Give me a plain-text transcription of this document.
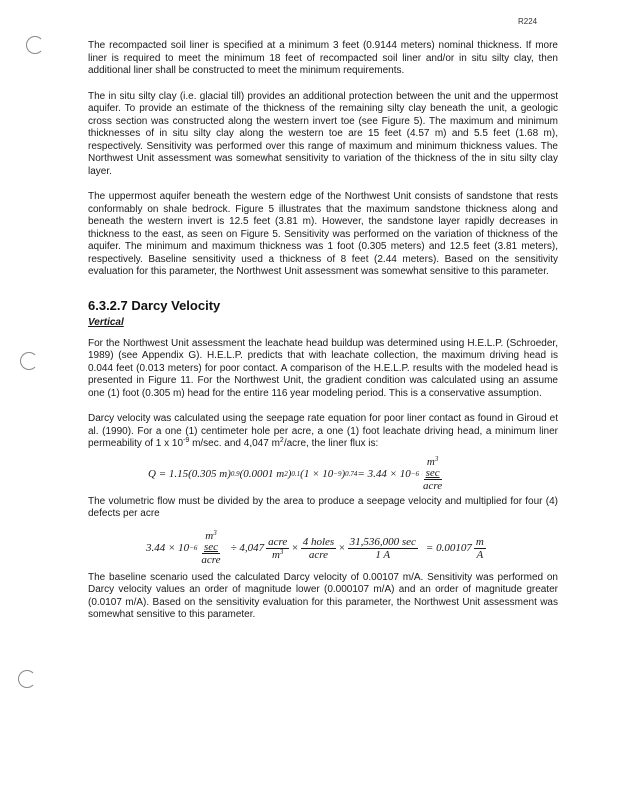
R224

The recompacted soil liner is specified at a minimum 3 feet (0.9144 meters) nominal thickness. If more liner is required to meet the minimum 18 feet of recompacted soil liner and/or in situ silty clay, then additional liner shall be constructed to meet the minimum requirements.

The in situ silty clay (i.e. glacial till) provides an additional protection between the unit and the uppermost aquifer. To provide an estimate of the thickness of the remaining silty clay beneath the unit, a geologic cross section was constructed along the western invert toe (see Figure 5). The maximum and minimum thicknesses of in situ silty clay along the western toe are 15 feet (4.57 m) and 5.5 feet (1.68 m), respectively. Sensitivity was performed over this range of maximum and minimum thickness values. The Northwest Unit assessment was somewhat sensitivity to variation of the thickness of the in situ silty clay layer.

The uppermost aquifer beneath the western edge of the Northwest Unit consists of sandstone that rests conformably on shale bedrock. Figure 5 illustrates that the maximum sandstone thickness along and beneath the western invert is 12.5 feet (3.81 m). However, the sandstone layer rapidly decreases in thickness to the east, as seen on Figure 5. Sensitivity was performed on the variation of thickness of the aquifer. The minimum and maximum thickness was 1 foot (0.305 meters) and 12.5 feet (3.81 meters), respectively. Baseline sensitivity used a thickness of 8 feet (2.44 meters). Based on the sensitivity evaluation for this parameter, the Northwest Unit assessment was somewhat sensitive to this parameter.

6.3.2.7 Darcy Velocity
Vertical

For the Northwest Unit assessment the leachate head buildup was determined using H.E.L.P. (Schroeder, 1989) (see Appendix G). H.E.L.P. predicts that with leachate collection, the maximum driving head is 0.044 feet (0.013 meters) for poor contact. A comparison of the H.E.L.P. results with the modeled head is presented in Figure 11. For the Northwest Unit, the gradient condition was calculated using an assume one (1) foot (0.305 m) head for the entire 116 year modeling period. This is a conservative assumption.

Darcy velocity was calculated using the seepage rate equation for poor liner contact as found in Giroud et al. (1990). For a one (1) centimeter hole per acre, a one (1) foot leachate driving head, a minimum liner permeability of 1 x $10^{-9}$ m/sec. and 4,047 $m^2$/acre, the liner flux is:

Q = 1.15(0.305 m) 0.9 (0.0001 m 2 ) 0.1 (1 × 10 −9 ) 0.74 = 3.44 × 10 −6
$m^3$
sec
acre

The volumetric flow must be divided by the area to produce a seepage velocity and multiplied for four (4) defects per acre

3.44 × 10 −6
$m^3$
sec
acre
÷ $4,047 \frac{\text{acre}}{m^3} \times \frac{\text{4 holes}}{\text{acre}} \times \frac{31,536,000 \sec}{1 A} = 0.00107 \frac{m}{A}$

The baseline scenario used the calculated Darcy velocity of 0.00107 m/A. Sensitivity was performed on Darcy velocity values an order of magnitude lower (0.000107 m/A) and an order of magnitude greater (0.0107 m/A). Based on the sensitivity evaluation for this parameter, the Northwest Unit assessment was somewhat sensitive to this parameter.
